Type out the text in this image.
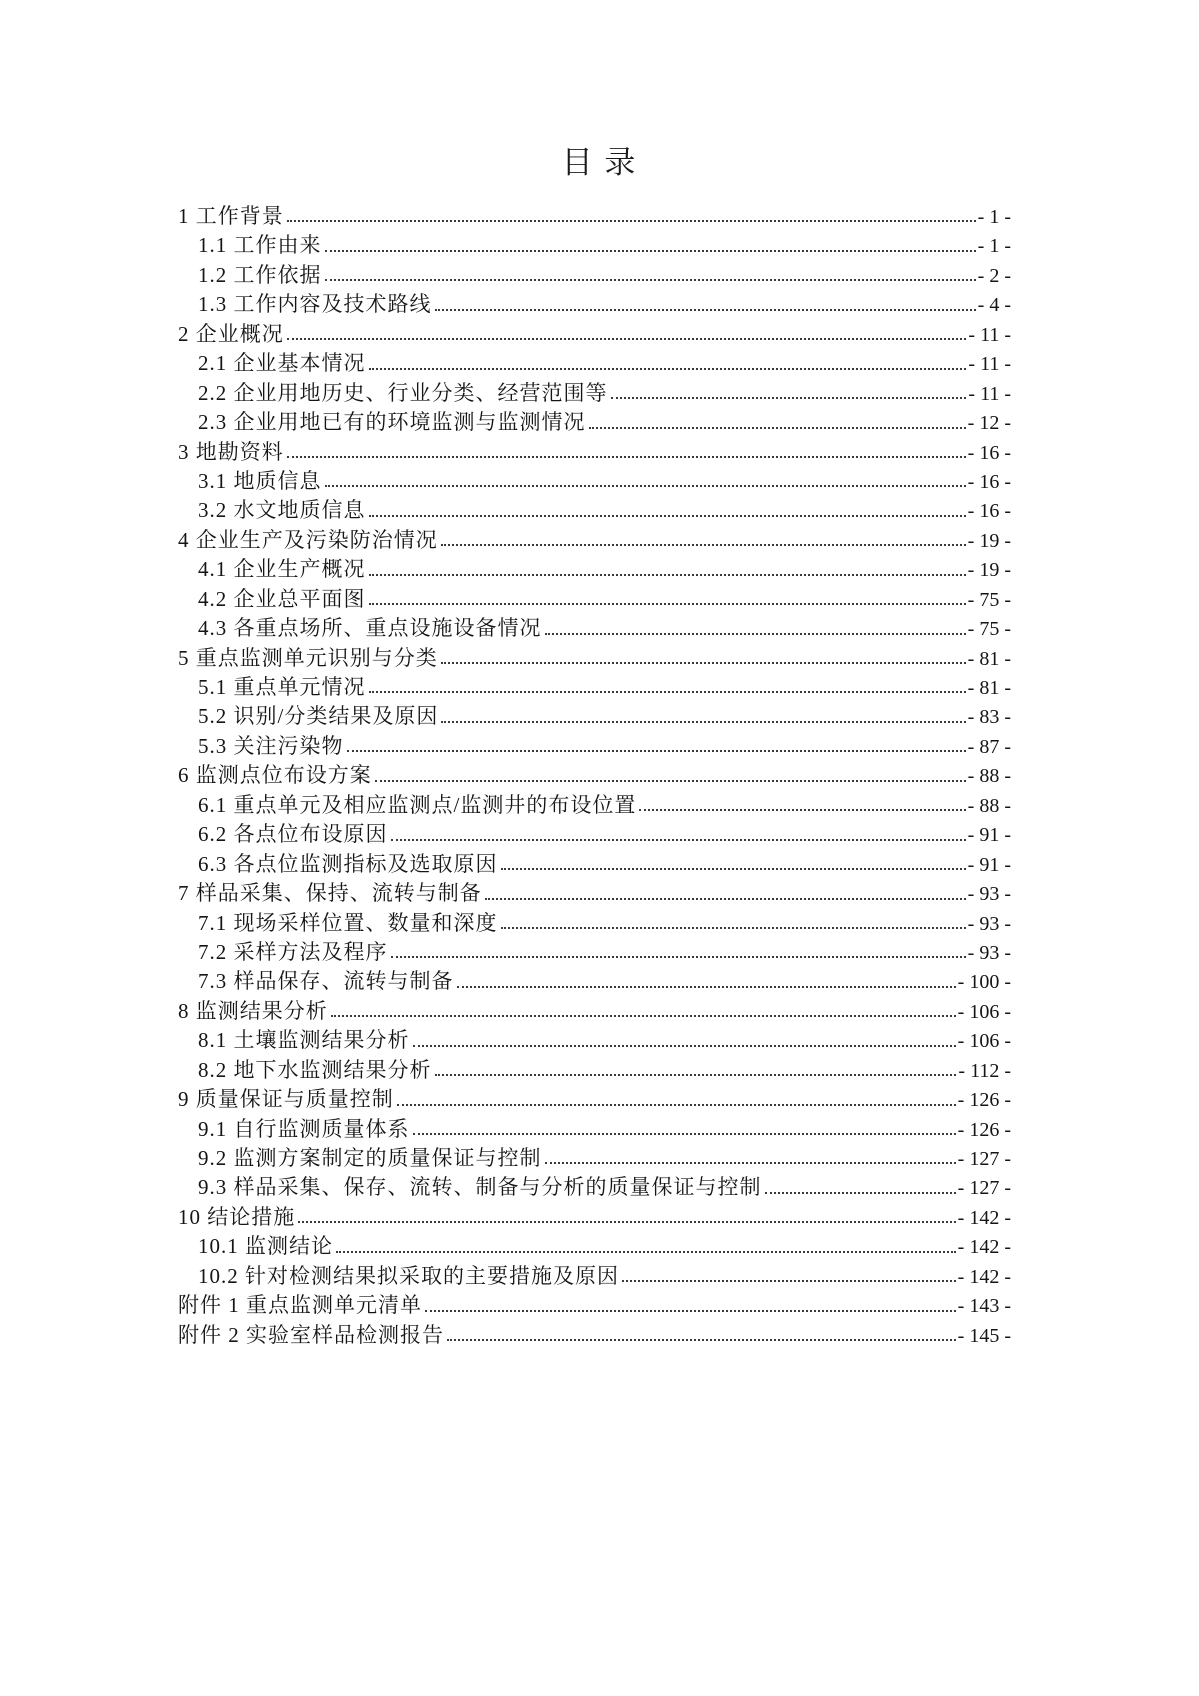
目 录
1 工作背景	- 1 -
1.1 工作由来	- 1 -
1.2 工作依据	- 2 -
1.3 工作内容及技术路线	- 4 -
2 企业概况	- 11 -
2.1 企业基本情况	- 11 -
2.2 企业用地历史、行业分类、经营范围等	- 11 -
2.3 企业用地已有的环境监测与监测情况	- 12 -
3 地勘资料	- 16 -
3.1 地质信息	- 16 -
3.2 水文地质信息	- 16 -
4 企业生产及污染防治情况	- 19 -
4.1 企业生产概况	- 19 -
4.2 企业总平面图	- 75 -
4.3 各重点场所、重点设施设备情况	- 75 -
5 重点监测单元识别与分类	- 81 -
5.1 重点单元情况	- 81 -
5.2 识别/分类结果及原因	- 83 -
5.3 关注污染物	- 87 -
6 监测点位布设方案	- 88 -
6.1 重点单元及相应监测点/监测井的布设位置	- 88 -
6.2 各点位布设原因	- 91 -
6.3 各点位监测指标及选取原因	- 91 -
7 样品采集、保持、流转与制备	- 93 -
7.1 现场采样位置、数量和深度	- 93 -
7.2 采样方法及程序	- 93 -
7.3 样品保存、流转与制备	- 100 -
8 监测结果分析	- 106 -
8.1 土壤监测结果分析	- 106 -
8.2 地下水监测结果分析	- 112 -
9 质量保证与质量控制	- 126 -
9.1 自行监测质量体系	- 126 -
9.2 监测方案制定的质量保证与控制	- 127 -
9.3 样品采集、保存、流转、制备与分析的质量保证与控制	- 127 -
10 结论措施	- 142 -
10.1 监测结论	- 142 -
10.2 针对检测结果拟采取的主要措施及原因	- 142 -
附件 1 重点监测单元清单	- 143 -
附件 2 实验室样品检测报告	- 145 -
